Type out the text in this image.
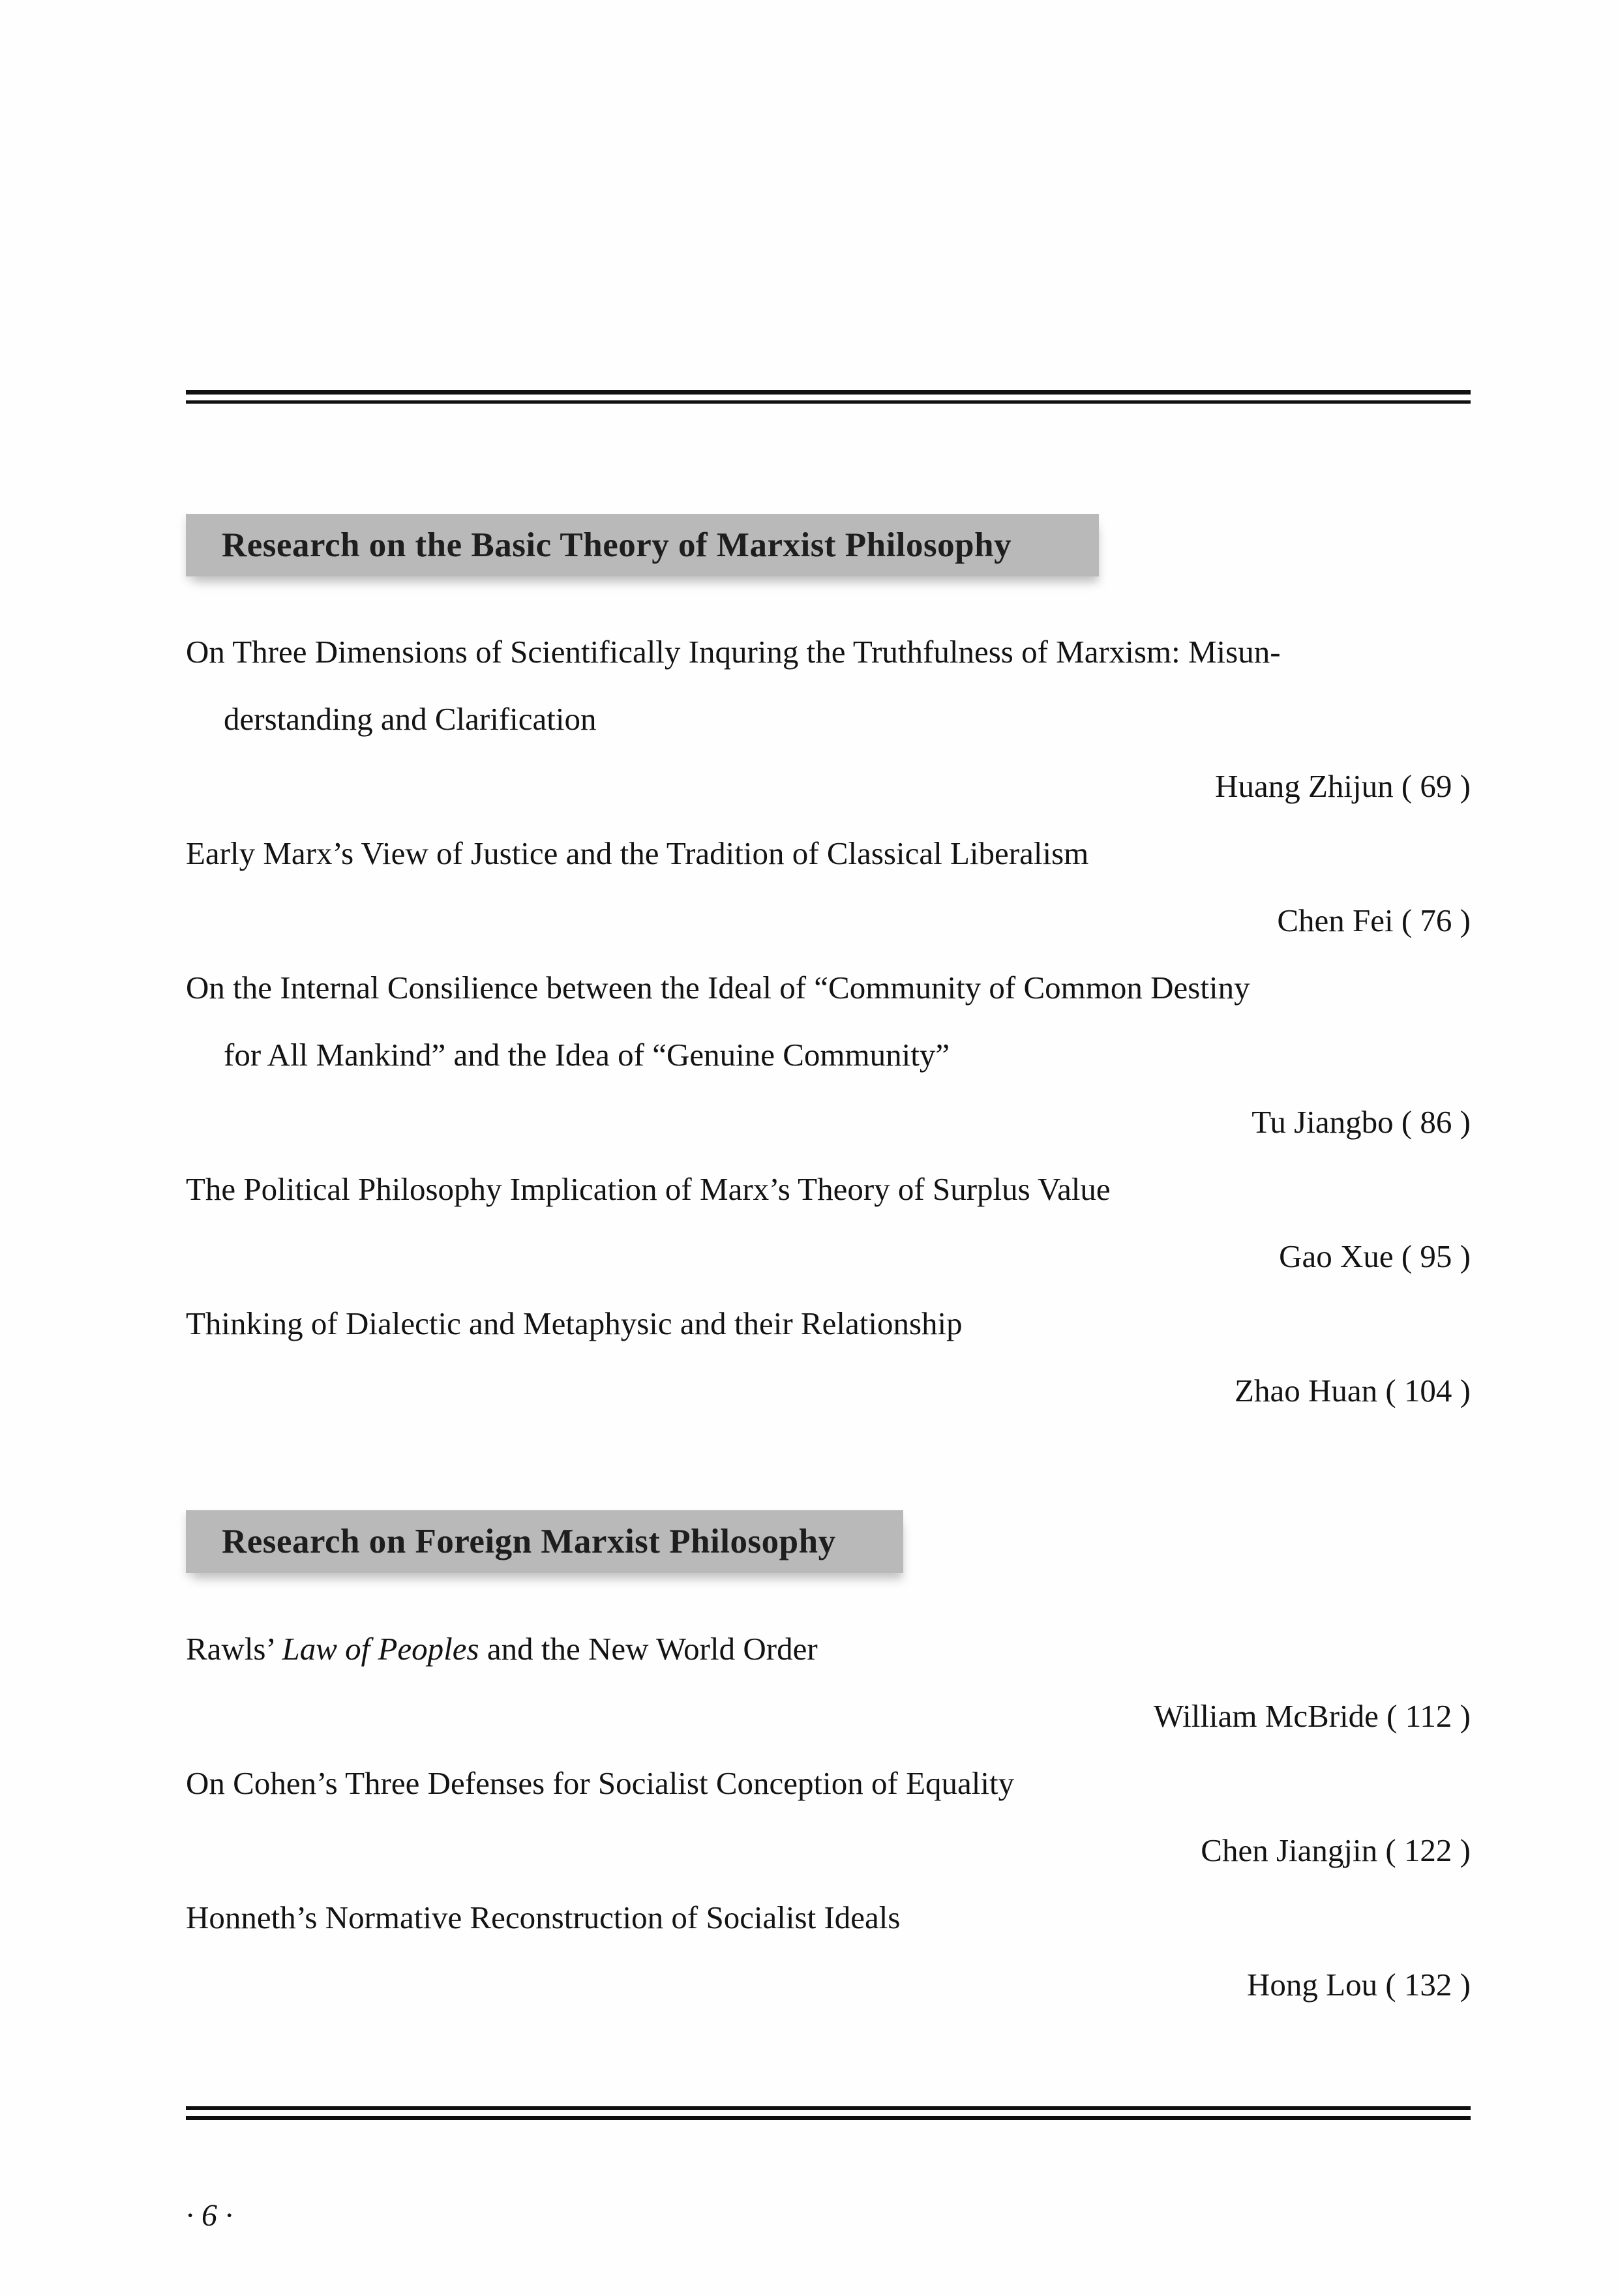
Research on the Basic Theory of Marxist Philosophy
On Three Dimensions of Scientifically Inquring the Truthfulness of Marxism: Misun-
derstanding and Clarification
Huang Zhijun ( 69 )
Early Marx’s View of Justice and the Tradition of Classical Liberalism
Chen Fei ( 76 )
On the Internal Consilience between the Ideal of “Community of Common Destiny
for All Mankind” and the Idea of “Genuine Community”
Tu Jiangbo ( 86 )
The Political Philosophy Implication of Marx’s Theory of Surplus Value
Gao Xue ( 95 )
Thinking of Dialectic and Metaphysic and their Relationship
Zhao Huan ( 104 )
Research on Foreign Marxist Philosophy
Rawls’ Law of Peoples and the New World Order
William McBride ( 112 )
On Cohen’s Three Defenses for Socialist Conception of Equality
Chen Jiangjin ( 122 )
Honneth’s Normative Reconstruction of Socialist Ideals
Hong Lou ( 132 )
· 6 ·
